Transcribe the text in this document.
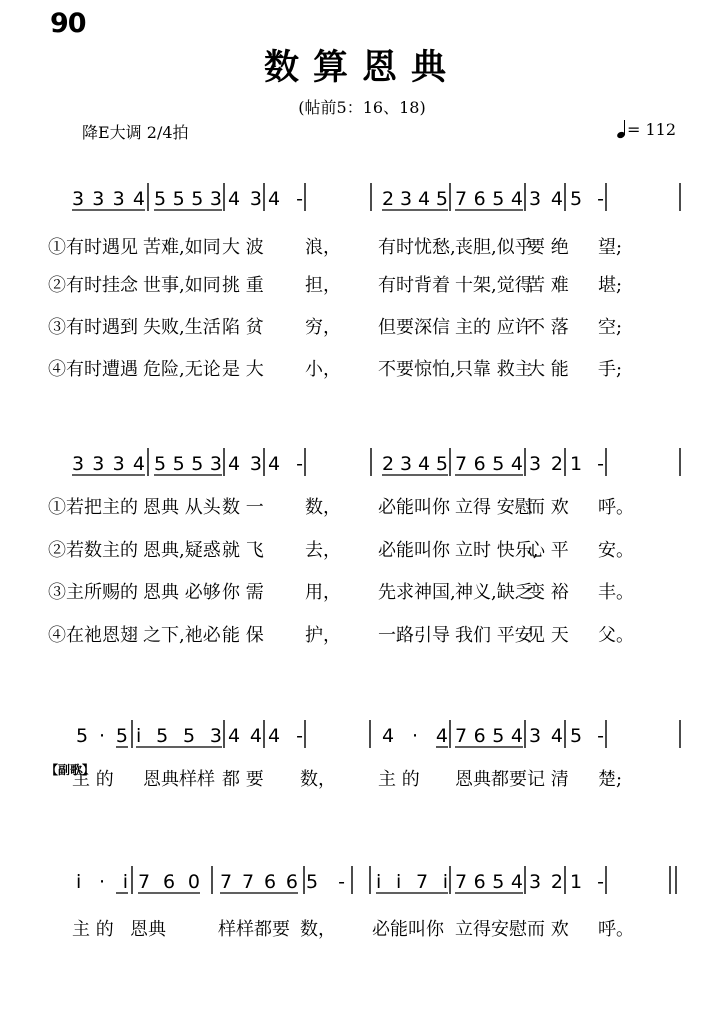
90
数算恩典
(帖前5：16、18)
降E大调 2/4拍	= 112
3 3 3 4 5 5 5 3 4 3 4 -	2 3 4 5 7 6 5 4 3 4 5 -
3 3 3 4 5 5 5 3 4 3 4 -	2 3 4 5 7 6 5 4 3 2 1 -
5 · 5 i 5 5 3 4 4 4 -	4 · 4 7 6 5 4 3 4 5 -
i · i 7 6 0 7 7 6 6 5 - i i 7 i 7 6 5 4 3 2 1 -
①有时遇见 苦难,如同 大 波 浪， 有时忧愁, 丧胆,似乎
要 绝 望;
②有时挂念 世事,如同 挑 重 担， 有时背着 十架,觉得
苦 难 堪;
③有时遇到 失败,生活 陷 贫 穷， 但要深信 主的 应许
不 落 空;
④有时遭遇 危险,无论 是 大 小， 不要惊怕, 只靠 救主
大 能 手;
①若把主的 恩典 从头 数 一 数， 必能叫你 立得 安慰
而 欢 呼。
②若数主的 恩典,疑惑 就 飞 去， 必能叫你 立时 快乐,
心 平 安。
③主所赐的 恩典 必够 你 需 用， 先求神国, 神义,缺乏
变 裕 丰。
④在祂恩翅 之下,祂必 能 保 护， 一路引导 我们 平安
见 天 父。
主 的 恩典样样 都 要 数， 主 的 恩典都要 记 清 楚;
主 的 恩典	样样都要 数， 必能叫你 立得安慰 而 欢 呼。
【副歌】
